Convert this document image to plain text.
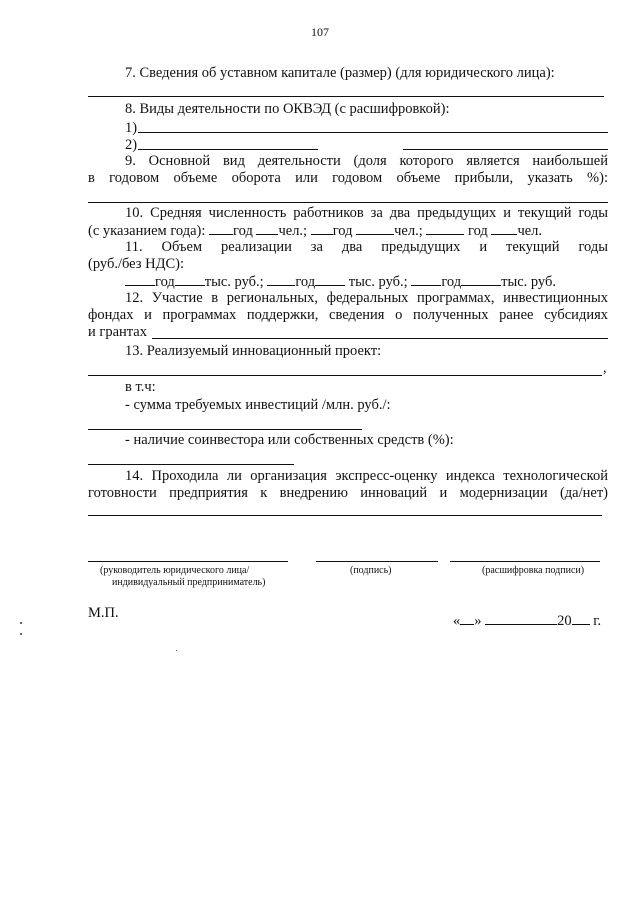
107
7. Сведения об уставном капитале (размер) (для юридического лица):
8. Виды деятельности по ОКВЭД (с расшифровкой):
1)
2)
9. Основной вид деятельности (доля которого является наибольшей
в годовом объеме оборота или годовом объеме прибыли, указать %):
10. Средняя численность работников за два предыдущих и текущий годы
(с указанием года): год чел.; год	чел.;	год чел.
11. Объем реализации за два предыдущих и текущий годы
(руб./без НДС):
год тыс. руб.; год тыс. руб.; год	тыс. руб.
12. Участие в региональных, федеральных программах, инвестиционных
фондах и программах поддержки, сведения о полученных ранее субсидиях
и грантах
13. Реализуемый инновационный проект:
,
в т.ч:
- сумма требуемых инвестиций /млн. руб./:
- наличие соинвестора или собственных средств (%):
14. Проходила ли организация экспресс-оценку индекса технологической
готовности предприятия к внедрению инноваций и модернизации (да/нет)
(руководитель юридического лица/
индивидуальный предприниматель)
(подпись)	(расшифровка подписи)
М.П.	« »	20 г.
